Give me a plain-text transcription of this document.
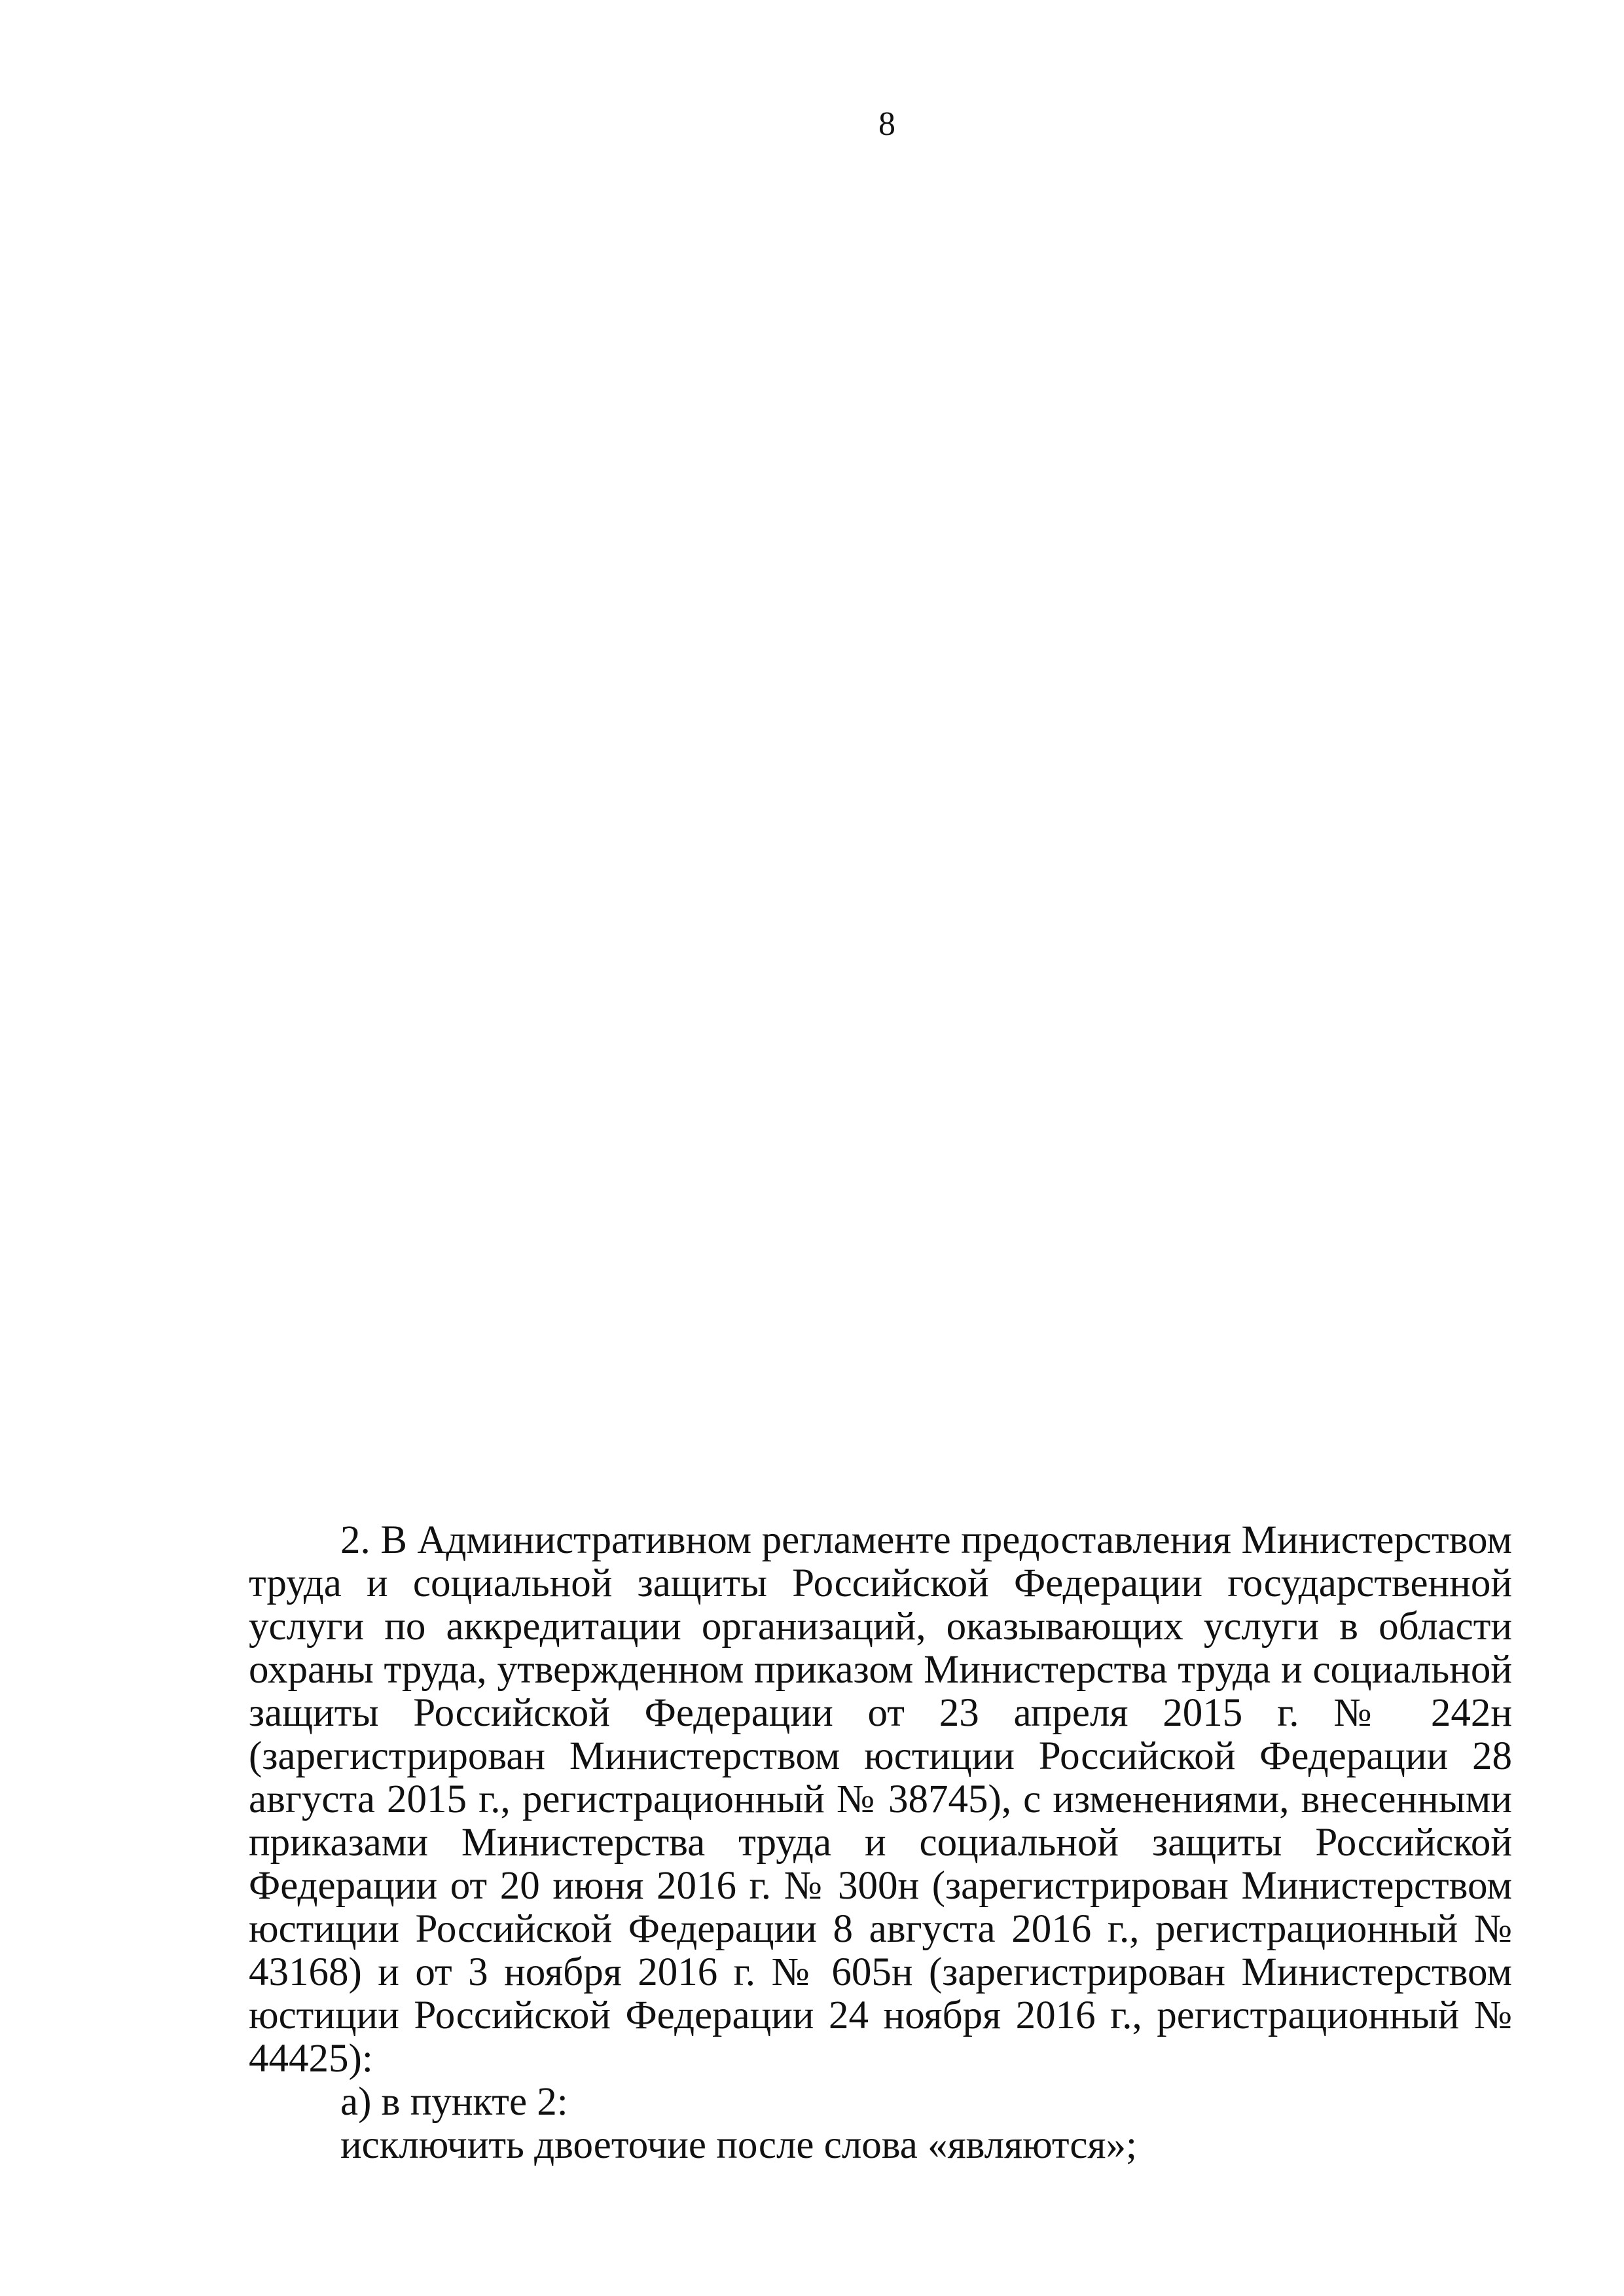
8

2. В Административном регламенте предоставления Министерством труда и социальной защиты Российской Федерации государственной услуги по аккредитации организаций, оказывающих услуги в области охраны труда, утвержденном приказом Министерства труда и социальной защиты Российской Федерации от 23 апреля 2015 г. № 242н (зарегистрирован Министерством юстиции Российской Федерации 28 августа 2015 г., регистрационный № 38745), с изменениями, внесенными приказами Министерства труда и социальной защиты Российской Федерации от 20 июня 2016 г. № 300н (зарегистрирован Министерством юстиции Российской Федерации 8 августа 2016 г., регистрационный № 43168) и от 3 ноября 2016 г. № 605н (зарегистрирован Министерством юстиции Российской Федерации 24 ноября 2016 г., регистрационный № 44425):

а) в пункте 2:

исключить двоеточие после слова «являются»;
